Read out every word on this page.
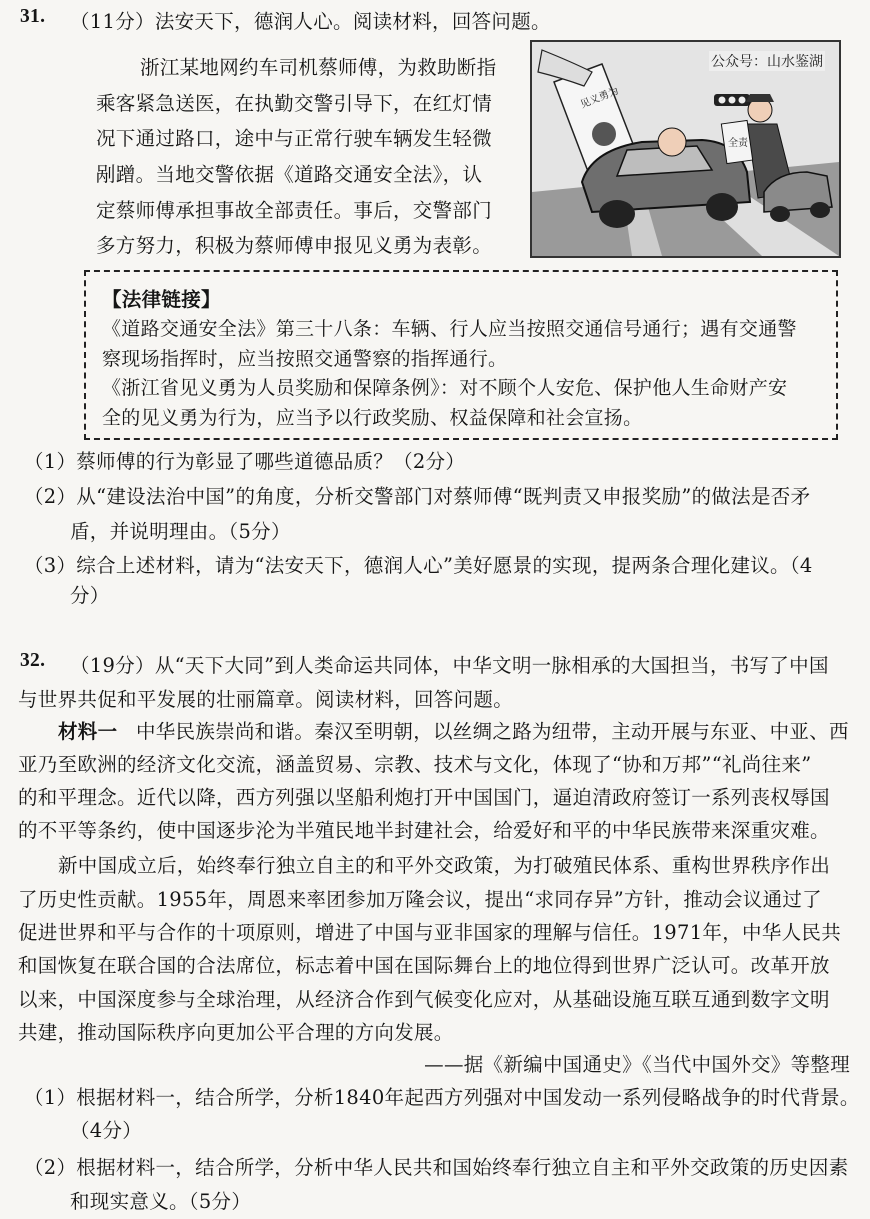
31. （11分）法安天下，德润人心。阅读材料，回答问题。
浙江某地网约车司机蔡师傅，为救助断指
乘客紧急送医，在执勤交警引导下，在红灯情
况下通过路口，途中与正常行驶车辆发生轻微
剐蹭。当地交警依据《道路交通安全法》，认
定蔡师傅承担事故全部责任。事后，交警部门
多方努力，积极为蔡师傅申报见义勇为表彰。
见义勇为
全责
公众号：山水鉴湖
【法律链接】
《道路交通安全法》第三十八条：车辆、行人应当按照交通信号通行；遇有交通警
察现场指挥时，应当按照交通警察的指挥通行。
《浙江省见义勇为人员奖励和保障条例》：对不顾个人安危、保护他人生命财产安
全的见义勇为行为，应当予以行政奖励、权益保障和社会宣扬。
（1）蔡师傅的行为彰显了哪些道德品质？（2分）
（2）从“建设法治中国”的角度，分析交警部门对蔡师傅“既判责又申报奖励”的做法是否矛
盾，并说明理由。（5分）
（3）综合上述材料，请为“法安天下，德润人心”美好愿景的实现，提两条合理化建议。（4
分）
32. （19分）从“天下大同”到人类命运共同体，中华文明一脉相承的大国担当，书写了中国
与世界共促和平发展的壮丽篇章。阅读材料，回答问题。
材料一 中华民族崇尚和谐。秦汉至明朝，以丝绸之路为纽带，主动开展与东亚、中亚、西
亚乃至欧洲的经济文化交流，涵盖贸易、宗教、技术与文化，体现了“协和万邦”“礼尚往来”
的和平理念。近代以降，西方列强以坚船利炮打开中国国门，逼迫清政府签订一系列丧权辱国
的不平等条约，使中国逐步沦为半殖民地半封建社会，给爱好和平的中华民族带来深重灾难。
新中国成立后，始终奉行独立自主的和平外交政策，为打破殖民体系、重构世界秩序作出
了历史性贡献。1955年，周恩来率团参加万隆会议，提出“求同存异”方针，推动会议通过了
促进世界和平与合作的十项原则，增进了中国与亚非国家的理解与信任。1971年，中华人民共
和国恢复在联合国的合法席位，标志着中国在国际舞台上的地位得到世界广泛认可。改革开放
以来，中国深度参与全球治理，从经济合作到气候变化应对，从基础设施互联互通到数字文明
共建，推动国际秩序向更加公平合理的方向发展。
——据《新编中国通史》《当代中国外交》等整理
（1）根据材料一，结合所学，分析1840年起西方列强对中国发动一系列侵略战争的时代背景。
（4分）
（2）根据材料一，结合所学，分析中华人民共和国始终奉行独立自主和平外交政策的历史因素
和现实意义。（5分）
